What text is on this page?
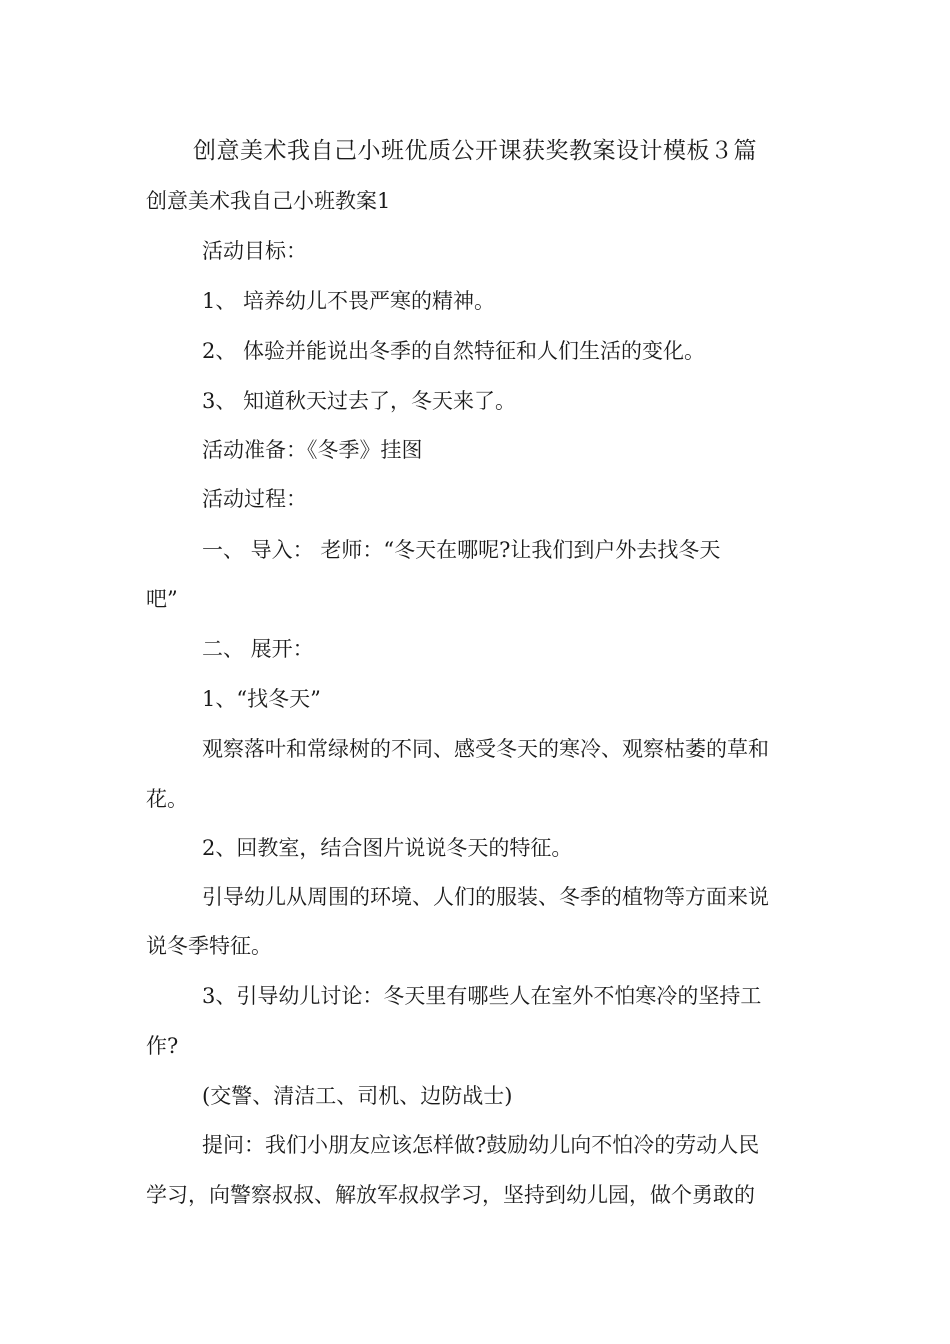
创意美术我自己小班优质公开课获奖教案设计模板３篇
创意美术我自己小班教案1
活动目标：
1、 培养幼儿不畏严寒的精神。
2、 体验并能说出冬季的自然特征和人们生活的变化。
3、 知道秋天过去了，冬天来了。
活动准备：《冬季》挂图
活动过程：
一、 导入： 老师：“冬天在哪呢?让我们到户外去找冬天
吧”
二、 展开：
1、“找冬天”
观察落叶和常绿树的不同、感受冬天的寒冷、观察枯萎的草和
花。
2、回教室，结合图片说说冬天的特征。
引导幼儿从周围的环境、人们的服装、冬季的植物等方面来说
说冬季特征。
3、引导幼儿讨论：冬天里有哪些人在室外不怕寒冷的坚持工
作?
(交警、清洁工、司机、边防战士)
提问：我们小朋友应该怎样做?鼓励幼儿向不怕冷的劳动人民
学习，向警察叔叔、解放军叔叔学习，坚持到幼儿园，做个勇敢的
